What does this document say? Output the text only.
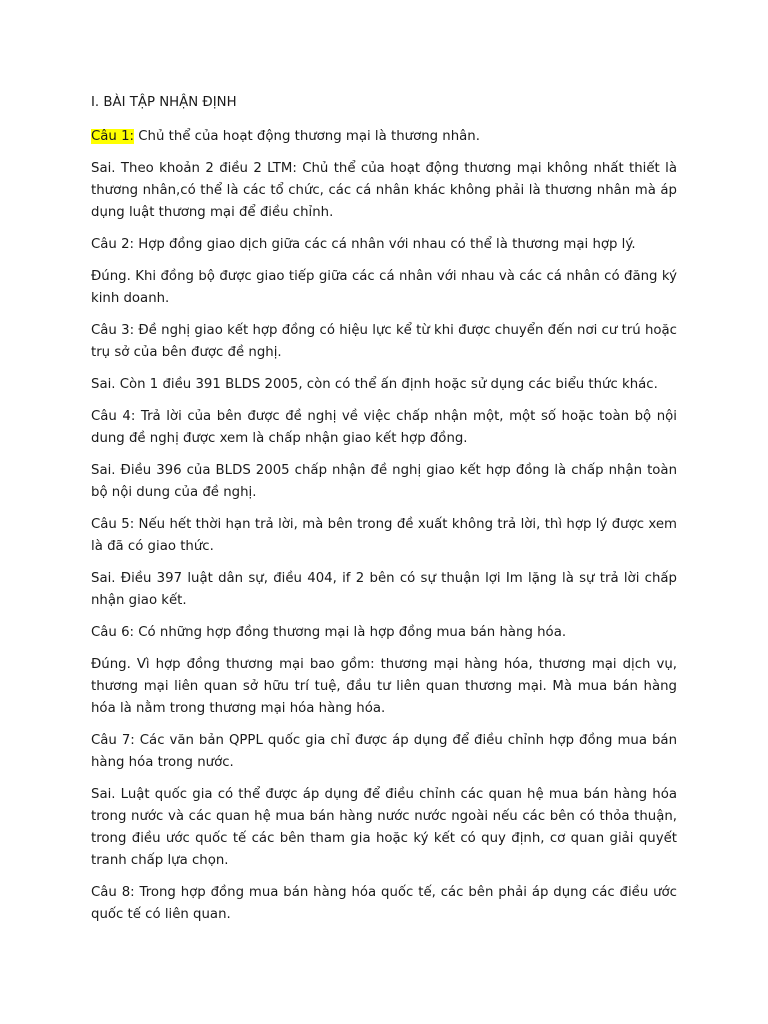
I. BÀI TẬP NHẬN ĐỊNH

Câu 1: Chủ thể của hoạt động thương mại là thương nhân.

Sai. Theo khoản 2 điều 2 LTM: Chủ thể của hoạt động thương mại không nhất thiết là thương nhân,có thể là các tổ chức, các cá nhân khác không phải là thương nhân mà áp dụng luật thương mại để điều chỉnh.

Câu 2: Hợp đồng giao dịch giữa các cá nhân với nhau có thể là thương mại hợp lý.

Đúng. Khi đồng bộ được giao tiếp giữa các cá nhân với nhau và các cá nhân có đăng ký kinh doanh.

Câu 3: Đề nghị giao kết hợp đồng có hiệu lực kể từ khi được chuyển đến nơi cư trú hoặc trụ sở của bên được đề nghị.

Sai. Còn 1 điều 391 BLDS 2005, còn có thể ấn định hoặc sử dụng các biểu thức khác.

Câu 4: Trả lời của bên được đề nghị về việc chấp nhận một, một số hoặc toàn bộ nội dung đề nghị được xem là chấp nhận giao kết hợp đồng.

Sai. Điều 396 của BLDS 2005 chấp nhận đề nghị giao kết hợp đồng là chấp nhận toàn bộ nội dung của đề nghị.

Câu 5: Nếu hết thời hạn trả lời, mà bên trong đề xuất không trả lời, thì hợp lý được xem là đã có giao thức.

Sai. Điều 397 luật dân sự, điều 404, if 2 bên có sự thuận lợi Im lặng là sự trả lời chấp nhận giao kết.

Câu 6: Có những hợp đồng thương mại là hợp đồng mua bán hàng hóa.

Đúng. Vì hợp đồng thương mại bao gồm: thương mại hàng hóa, thương mại dịch vụ, thương mại liên quan sở hữu trí tuệ, đầu tư liên quan thương mại. Mà mua bán hàng hóa là nằm trong thương mại hóa hàng hóa.

Câu 7: Các văn bản QPPL quốc gia chỉ được áp dụng để điều chỉnh hợp đồng mua bán hàng hóa trong nước.

Sai. Luật quốc gia có thể được áp dụng để điều chỉnh các quan hệ mua bán hàng hóa trong nước và các quan hệ mua bán hàng nước nước ngoài nếu các bên có thỏa thuận, trong điều ước quốc tế các bên tham gia hoặc ký kết có quy định, cơ quan giải quyết tranh chấp lựa chọn.

Câu 8: Trong hợp đồng mua bán hàng hóa quốc tế, các bên phải áp dụng các điều ước quốc tế có liên quan.
